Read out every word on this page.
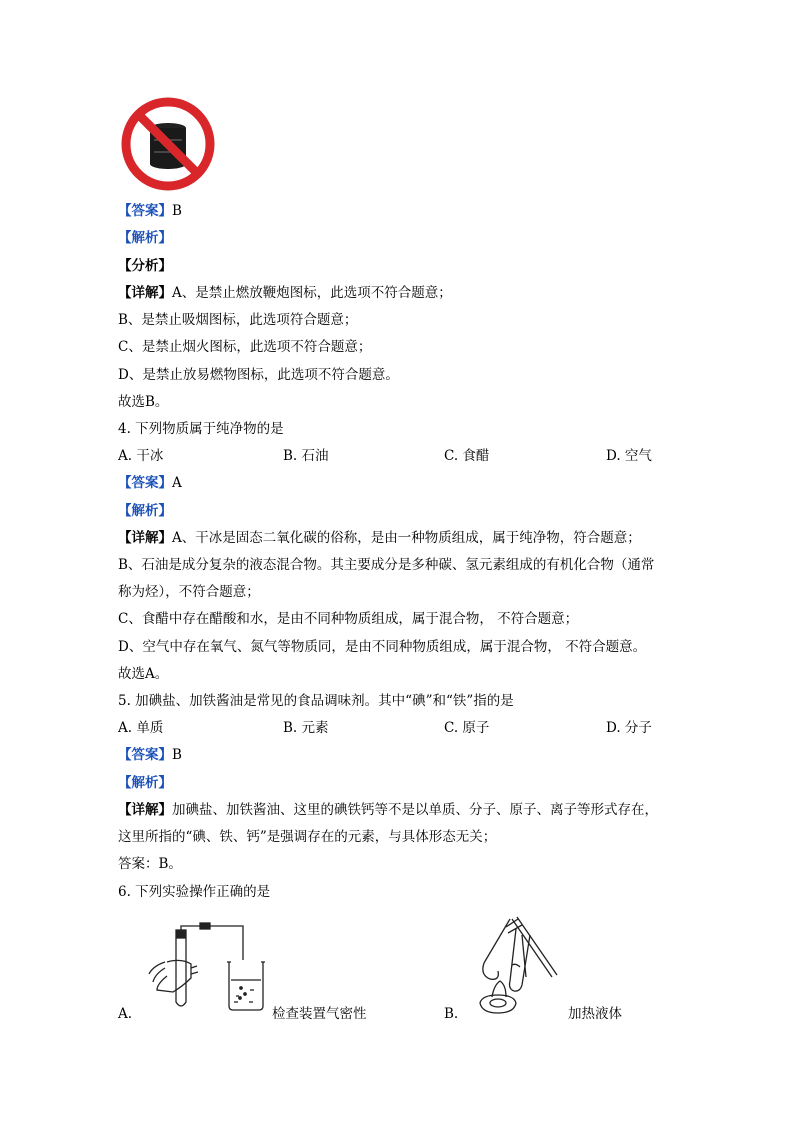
【答案】B
【解析】
【分析】
【详解】A、是禁止燃放鞭炮图标，此选项不符合题意；
B、是禁止吸烟图标，此选项符合题意；
C、是禁止烟火图标，此选项不符合题意；
D、是禁止放易燃物图标，此选项不符合题意。
故选B。
4. 下列物质属于纯净物的是
A. 干冰	B. 石油	C. 食醋	D. 空气
【答案】A
【解析】
【详解】A、干冰是固态二氧化碳的俗称，是由一种物质组成，属于纯净物，符合题意；
B、石油是成分复杂的液态混合物。其主要成分是多种碳、氢元素组成的有机化合物（通常
称为烃），不符合题意；
C、食醋中存在醋酸和水，是由不同种物质组成，属于混合物， 不符合题意；
D、空气中存在氧气、氮气等物质同，是由不同种物质组成，属于混合物， 不符合题意。
故选A。
5. 加碘盐、加铁酱油是常见的食品调味剂。其中“碘”和“铁”指的是
A. 单质	B. 元素	C. 原子	D. 分子
【答案】B
【解析】
【详解】加碘盐、加铁酱油、这里的碘铁钙等不是以单质、分子、原子、离子等形式存在，
这里所指的“碘、铁、钙”是强调存在的元素，与具体形态无关；
答案：B。
6. 下列实验操作正确的是
A.	检查装置气密性	B.	加热液体
